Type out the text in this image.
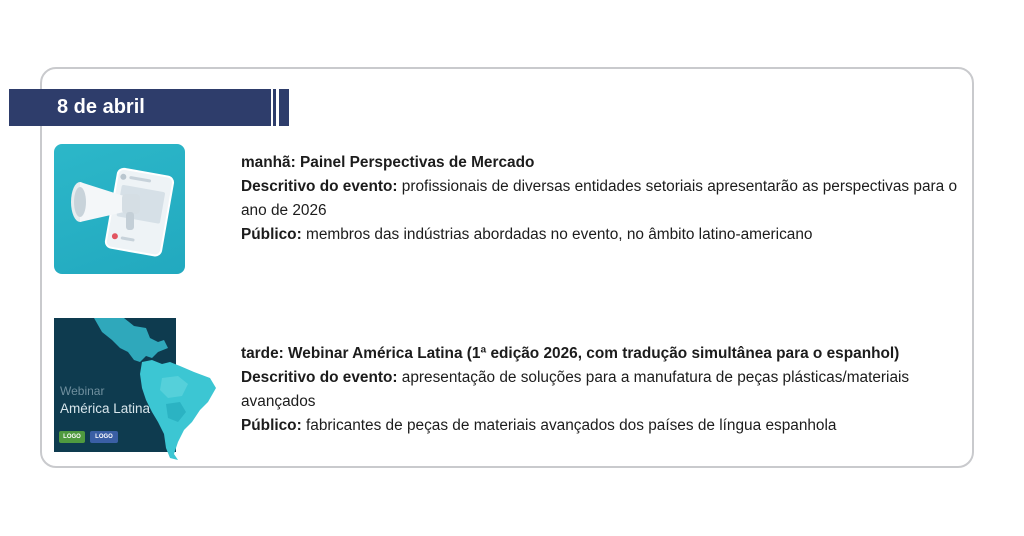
8 de abril
Webinar
América Latina
LOGO	LOGO

manhã: Painel Perspectivas de Mercado

Descritivo do evento: profissionais de diversas entidades setoriais apresentarão as perspectivas para o ano de 2026

Público: membros das indústrias abordadas no evento, no âmbito latino-americano

tarde: Webinar América Latina (1ª edição 2026, com tradução simultânea para o espanhol)

Descritivo do evento: apresentação de soluções para a manufatura de peças plásticas/materiais avançados

Público: fabricantes de peças de materiais avançados dos países de língua espanhola
